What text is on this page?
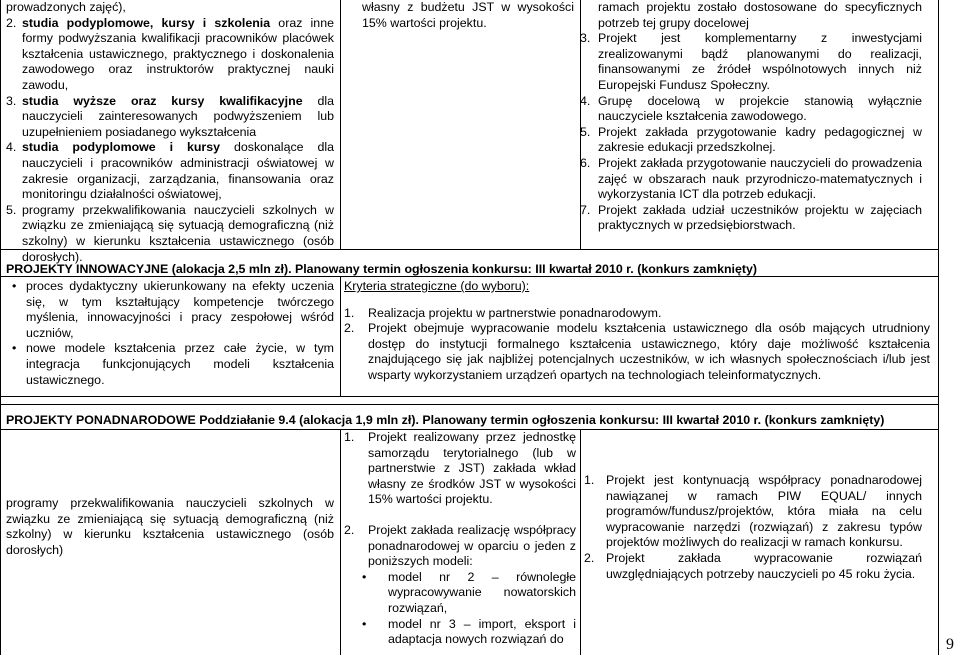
prowadzonych zajęć),
2. studia podyplomowe, kursy i szkolenia oraz inne formy podwyższania kwalifikacji pracowników placówek kształcenia ustawicznego, praktycznego i doskonalenia zawodowego oraz instruktorów praktycznej nauki zawodu,
3. studia wyższe oraz kursy kwalifikacyjne dla nauczycieli zainteresowanych podwyższeniem lub uzupełnieniem posiadanego wykształcenia
4. studia podyplomowe i kursy doskonalące dla nauczycieli i pracowników administracji oświatowej w zakresie organizacji, zarządzania, finansowania oraz monitoringu działalności oświatowej,
5. programy przekwalifikowania nauczycieli szkolnych w związku ze zmieniającą się sytuacją demograficzną (niż szkolny) w kierunku kształcenia ustawicznego (osób dorosłych).
własny z budżetu JST w wysokości 15% wartości projektu.
ramach projektu zostało dostosowane do specyficznych potrzeb tej grupy docelowej
3. Projekt jest komplementarny z inwestycjami zrealizowanymi bądź planowanymi do realizacji, finansowanymi ze źródeł wspólnotowych innych niż Europejski Fundusz Społeczny.
4. Grupę docelową w projekcie stanowią wyłącznie nauczyciele kształcenia zawodowego.
5. Projekt zakłada przygotowanie kadry pedagogicznej w zakresie edukacji przedszkolnej.
6. Projekt zakłada przygotowanie nauczycieli do prowadzenia zajęć w obszarach nauk przyrodniczo-matematycznych i wykorzystania ICT dla potrzeb edukacji.
7. Projekt zakłada udział uczestników projektu w zajęciach praktycznych w przedsiębiorstwach.
PROJEKTY INNOWACYJNE (alokacja 2,5 mln zł). Planowany termin ogłoszenia konkursu: III kwartał 2010 r. (konkurs zamknięty)
• proces dydaktyczny ukierunkowany na efekty uczenia się, w tym kształtujący kompetencje twórczego myślenia, innowacyjności i pracy zespołowej wśród uczniów,
• nowe modele kształcenia przez całe życie, w tym integracja funkcjonujących modeli kształcenia ustawicznego.
Kryteria strategiczne (do wyboru):
1. Realizacja projektu w partnerstwie ponadnarodowym.
2. Projekt obejmuje wypracowanie modelu kształcenia ustawicznego dla osób mających utrudniony dostęp do instytucji formalnego kształcenia ustawicznego, który daje możliwość kształcenia znajdującego się jak najbliżej potencjalnych uczestników, w ich własnych społecznościach i/lub jest wsparty wykorzystaniem urządzeń opartych na technologiach teleinformatycznych.
PROJEKTY PONADNARODOWE Poddziałanie 9.4 (alokacja 1,9 mln zł). Planowany termin ogłoszenia konkursu: III kwartał 2010 r. (konkurs zamknięty)
programy przekwalifikowania nauczycieli szkolnych w związku ze zmieniającą się sytuacją demograficzną (niż szkolny) w kierunku kształcenia ustawicznego (osób dorosłych)
1. Projekt realizowany przez jednostkę samorządu terytorialnego (lub w partnerstwie z JST) zakłada wkład własny ze środków JST w wysokości 15% wartości projektu.
2. Projekt zakłada realizację współpracy ponadnarodowej w oparciu o jeden z poniższych modeli:
• model nr 2 – równoległe wypracowywanie nowatorskich rozwiązań,
• model nr 3 – import, eksport i adaptacja nowych rozwiązań do
1. Projekt jest kontynuacją współpracy ponadnarodowej nawiązanej w ramach PIW EQUAL/ innych programów/fundusz/projektów, która miała na celu wypracowanie narzędzi (rozwiązań) z zakresu typów projektów możliwych do realizacji w ramach konkursu.
2. Projekt zakłada wypracowanie rozwiązań uwzględniających potrzeby nauczycieli po 45 roku życia.
9
